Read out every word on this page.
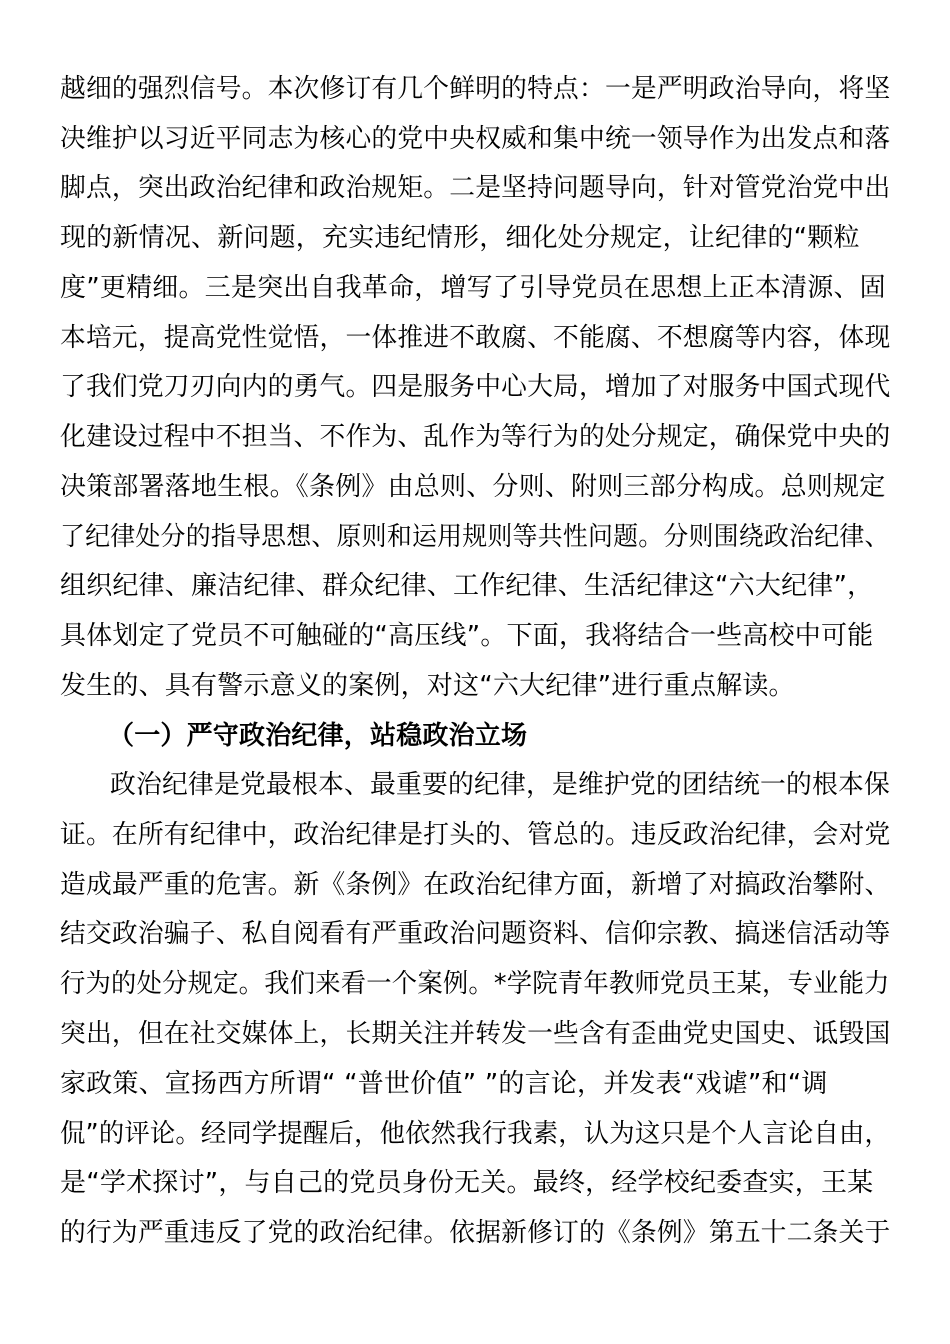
越细的强烈信号。本次修订有几个鲜明的特点：一是严明政治导向，将坚

决维护以习近平同志为核心的党中央权威和集中统一领导作为出发点和落

脚点，突出政治纪律和政治规矩。二是坚持问题导向，针对管党治党中出

现的新情况、新问题，充实违纪情形，细化处分规定，让纪律的“颗粒

度”更精细。三是突出自我革命，增写了引导党员在思想上正本清源、固

本培元，提高党性觉悟，一体推进不敢腐、不能腐、不想腐等内容，体现

了我们党刀刃向内的勇气。四是服务中心大局，增加了对服务中国式现代

化建设过程中不担当、不作为、乱作为等行为的处分规定，确保党中央的

决策部署落地生根。《条例》由总则、分则、附则三部分构成。总则规定

了纪律处分的指导思想、原则和运用规则等共性问题。分则围绕政治纪律、

组织纪律、廉洁纪律、群众纪律、工作纪律、生活纪律这“六大纪律”，

具体划定了党员不可触碰的“高压线”。下面，我将结合一些高校中可能

发生的、具有警示意义的案例，对这“六大纪律”进行重点解读。

（一）严守政治纪律，站稳政治立场

政治纪律是党最根本、最重要的纪律，是维护党的团结统一的根本保

证。在所有纪律中，政治纪律是打头的、管总的。违反政治纪律，会对党

造成最严重的危害。新《条例》在政治纪律方面，新增了对搞政治攀附、

结交政治骗子、私自阅看有严重政治问题资料、信仰宗教、搞迷信活动等

行为的处分规定。我们来看一个案例。*学院青年教师党员王某，专业能力

突出，但在社交媒体上，长期关注并转发一些含有歪曲党史国史、诋毁国

家政策、宣扬西方所谓“ “普世价值” ”的言论，并发表“戏谑”和“调

侃”的评论。经同学提醒后，他依然我行我素，认为这只是个人言论自由，

是“学术探讨”，与自己的党员身份无关。最终，经学校纪委查实，王某

的行为严重违反了党的政治纪律。依据新修订的《条例》第五十二条关于
